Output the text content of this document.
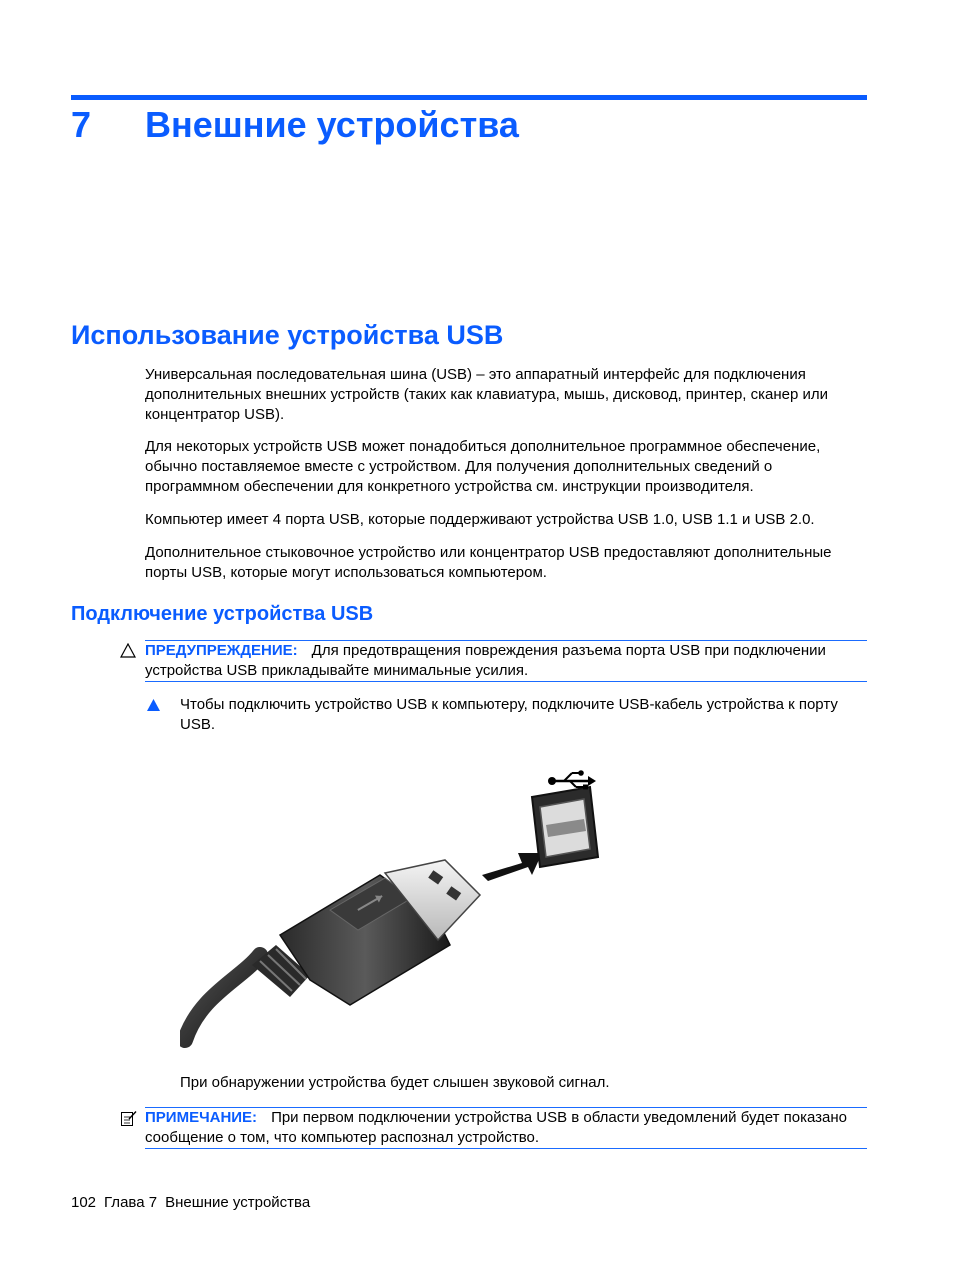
7 Внешние устройства
Использование устройства USB

Универсальная последовательная шина (USB) – это аппаратный интерфейс для подключения дополнительных внешних устройств (таких как клавиатура, мышь, дисковод, принтер, сканер или концентратор USB).

Для некоторых устройств USB может понадобиться дополнительное программное обеспечение, обычно поставляемое вместе с устройством. Для получения дополнительных сведений о программном обеспечении для конкретного устройства см. инструкции производителя.

Компьютер имеет 4 порта USB, которые поддерживают устройства USB 1.0, USB 1.1 и USB 2.0.

Дополнительное стыковочное устройство или концентратор USB предоставляют дополнительные порты USB, которые могут использоваться компьютером.

Подключение устройства USB
ПРЕДУПРЕЖДЕНИЕ: Для предотвращения повреждения разъема порта USB при подключении устройства USB прикладывайте минимальные усилия.
Чтобы подключить устройство USB к компьютеру, подключите USB-кабель устройства к порту USB.
При обнаружении устройства будет слышен звуковой сигнал.
ПРИМЕЧАНИЕ: При первом подключении устройства USB в области уведомлений будет показано сообщение о том, что компьютер распознал устройство.
102 Глава 7 Внешние устройства
